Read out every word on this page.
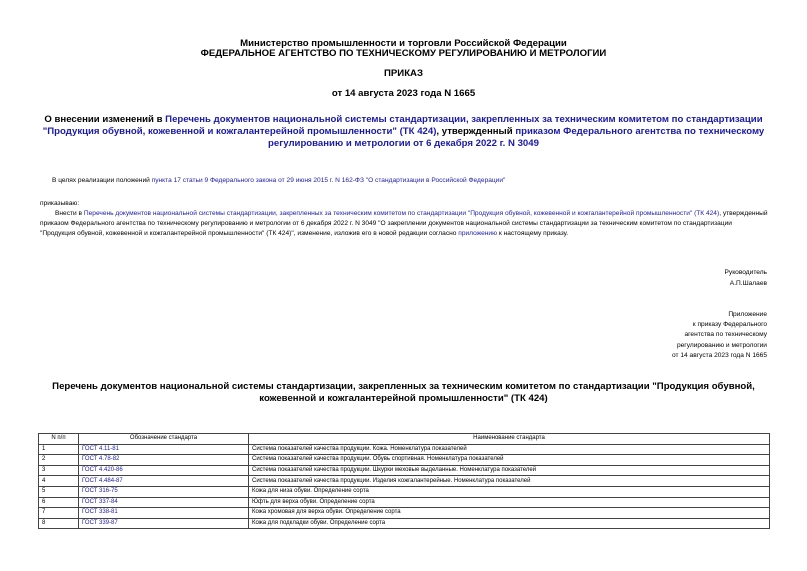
Министерство промышленности и торговли Российской Федерации
ФЕДЕРАЛЬНОЕ АГЕНТСТВО ПО ТЕХНИЧЕСКОМУ РЕГУЛИРОВАНИЮ И МЕТРОЛОГИИ
ПРИКАЗ
от 14 августа 2023 года N 1665
О внесении изменений в Перечень документов национальной системы стандартизации, закрепленных за техническим комитетом по стандартизации "Продукция обувной, кожевенной и кожгалантерейной промышленности" (ТК 424), утвержденный приказом Федерального агентства по техническому регулированию и метрологии от 6 декабря 2022 г. N 3049
В целях реализации положений пункта 17 статьи 9 Федерального закона от 29 июня 2015 г. N 162-ФЗ "О стандартизации в Российской Федерации"
приказываю:
Внести в Перечень документов национальной системы стандартизации, закрепленных за техническим комитетом по стандартизации "Продукция обувной, кожевенной и кожгалантерейной промышленности" (ТК 424), утвержденный приказом Федерального агентства по техническому регулированию и метрологии от 6 декабря 2022 г. N 3049 "О закреплении документов национальной системы стандартизации за техническим комитетом по стандартизации "Продукция обувной, кожевенной и кожгалантерейной промышленности" (ТК 424)", изменение, изложив его в новой редакции согласно приложению к настоящему приказу.
Руководитель
А.П.Шалаев
Приложение
к приказу Федерального
агентства по техническому
регулированию и метрологии
от 14 августа 2023 года N 1665
Перечень документов национальной системы стандартизации, закрепленных за техническим комитетом по стандартизации "Продукция обувной, кожевенной и кожгалантерейной промышленности" (ТК 424)
N п/п	Обозначение стандарта	Наименование стандарта
1	ГОСТ 4.11-81	Система показателей качества продукции. Кожа. Номенклатура показателей
2	ГОСТ 4.78-82	Система показателей качества продукции. Обувь спортивная. Номенклатура показателей
3	ГОСТ 4.420-86	Система показателей качества продукции. Шкурки меховые выделанные. Номенклатура показателей
4	ГОСТ 4.484-87	Система показателей качества продукции. Изделия кожгалантерейные. Номенклатура показателей
5	ГОСТ 316-75	Кожа для низа обуви. Определение сорта
6	ГОСТ 337-84	Юфть для верха обуви. Определение сорта
7	ГОСТ 338-81	Кожа хромовая для верха обуви. Определение сорта
8	ГОСТ 339-87	Кожа для подкладки обуви. Определение сорта
